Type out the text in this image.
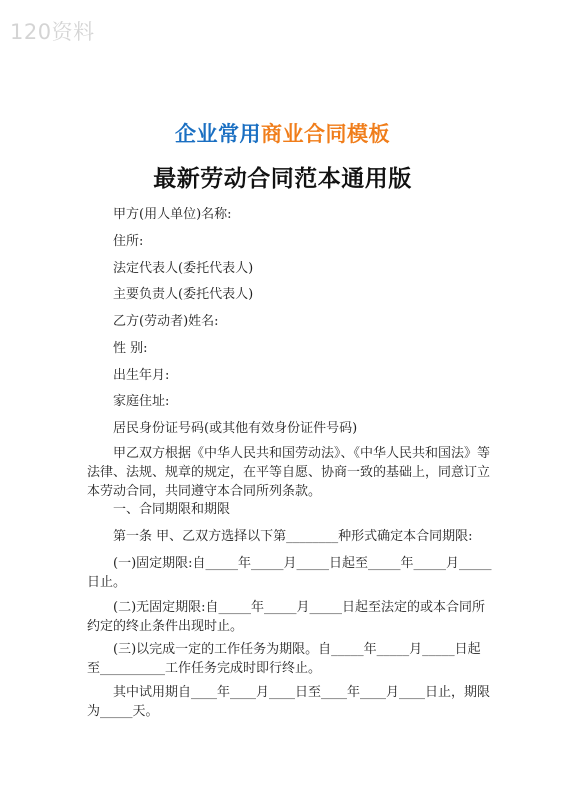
120资料
企业常用商业合同模板
最新劳动合同范本通用版
甲方(用人单位)名称:
住所:
法定代表人(委托代表人)
主要负责人(委托代表人)
乙方(劳动者)姓名:
性 别:
出生年月:
家庭住址:
居民身份证号码(或其他有效身份证件号码)

甲乙双方根据《中华人民共和国劳动法》、《中华人民共和国法》等法律、法规、规章的规定，在平等自愿、协商一致的基础上，同意订立本劳动合同，共同遵守本合同所列条款。

一、合同期限和期限

第一条 甲、乙双方选择以下第________种形式确定本合同期限:

(一)固定期限:自_____年_____月_____日起至_____年_____月_____日止。

(二)无固定期限:自_____年_____月_____日起至法定的或本合同所约定的终止条件出现时止。

(三)以完成一定的工作任务为期限。自_____年_____月_____日起至__________工作任务完成时即行终止。

其中试用期自____年____月____日至____年____月____日止，期限为_____天。
